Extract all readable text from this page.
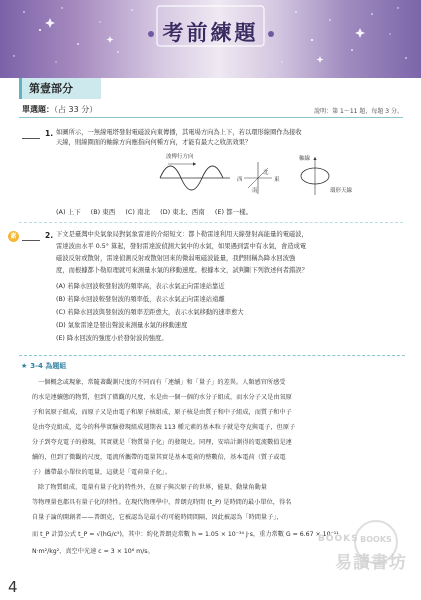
考前練題
第壹部分
單選題：（占 33 分）	說明：第 1～11 題，每題 3 分。
1. 如圖所示，一無線電塔發射電磁波向東傳播，其電場方向為上下，若以環形線圈作為接收
天線，則線圈面的軸線方向應指向何種方向，才能有最大之收訊效果？
波傳行方向
北
南
東
西
軸線
環形天線
(A) 上下 (B) 東西 (C) 南北 (D) 東北、西南 (E) 都一樣。
素	2. 下文是臺灣中央氣象局對氣象雷達的介紹短文：都卜勒雷達利用天線發射高能量的電磁波，
雷達波由水平 0.5° 算起，發射雷達波偵測大氣中的水氣，如果遇到雲中有水氣，會造成電
磁波反射或散射，雷達偵測反射或散射回來的微弱電磁波能量，我們則稱為降水回波強
度，而根據都卜勒原理就可來測量水氣的移動速度。根據本文，試判斷下列敘述何者錯誤？
(A) 若降水回波較發射波的頻率高，表示水氣正向雷達站靠近
(B) 若降水回波較發射波的頻率低，表示水氣正向雷達站遠離
(C) 若降水回波與發射波的頻率差距愈大，表示水氣移動的速率愈大
(D) 氣象雷達是發出聲波來測量水氣的移動速度
(E) 降水回波的強度小於發射波的強度。
★ 3-4 為題組
一個概念或現象，常隨著觀測尺度的不同而有「連續」和「量子」的差異。人類感官所感受
的水是連續態的物質，但到了微觀的尺度，水是由一個一個的水分子組成，而水分子又是由氧原
子和氧原子組成，而原子又是由電子和原子核組成，原子核是由質子和中子組成，而質子和中子
是由夸克組成，迄今的科學實驗發現組成週期表 113 種元素的基本粒子就是夸克與電子，但原子
分子到夸克電子的發現，其實就是「物質量子化」的發現史。同理，安培計測得的電流數值是連
續的，但到了微觀的尺度，電流所攜帶的電量其實是基本電荷的整數倍，基本電荷（質子或電
子）攜帶最小單位的電量，這就是「電荷量子化」。
除了物質組成、電量有量子化的特性外，在原子與次原子的世界，能量、動量角動量
等物理量也都具有量子化的特性。在現代物理學中，普朗克時間 (t_P) 是時間的最小單位，得名
自量子論的開創者——普朗克，它被認為是最小的可能時間間隔，因此被認為「時間量子」，
而 t_P 計算公式 t_P = √(hG/c⁵)，其中：約化普朗克常數 h = 1.05 × 10⁻³⁴ J·s，重力常數 G = 6.67 × 10⁻¹¹
N·m²/kg²、真空中光速 c = 3 × 10⁸ m/s。
BOOKS
BOOKS
易讀書坊
4
